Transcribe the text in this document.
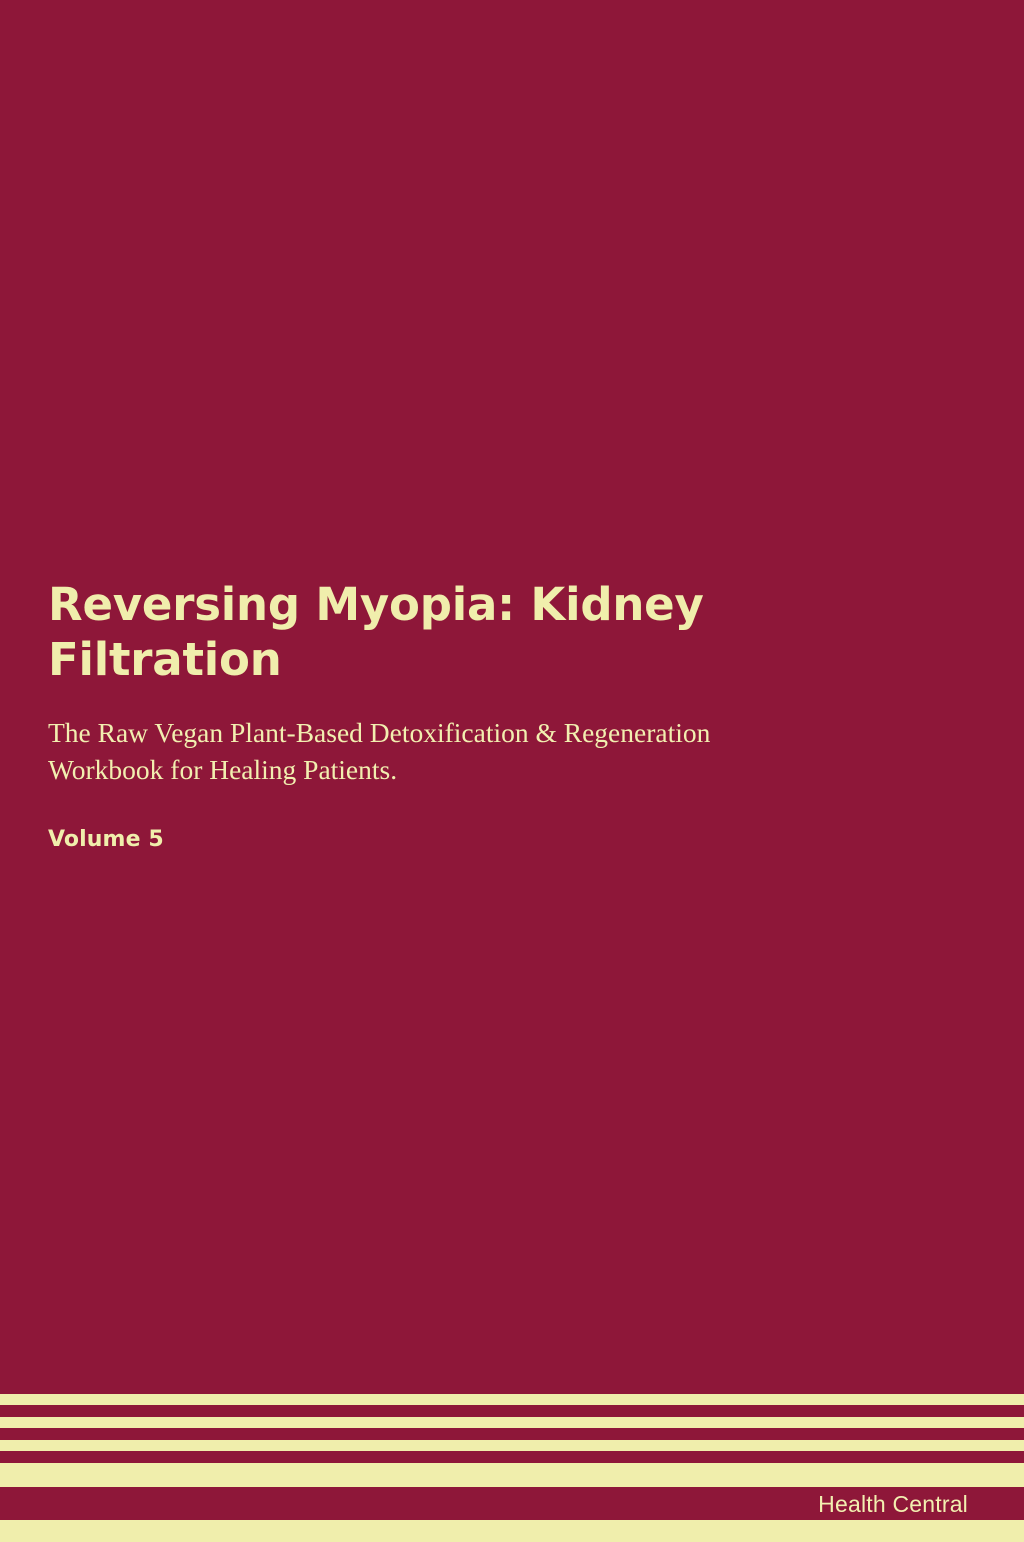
Reversing Myopia: Kidney Filtration

The Raw Vegan Plant-Based Detoxification & Regeneration Workbook for Healing Patients.

Volume 5

Health Central
